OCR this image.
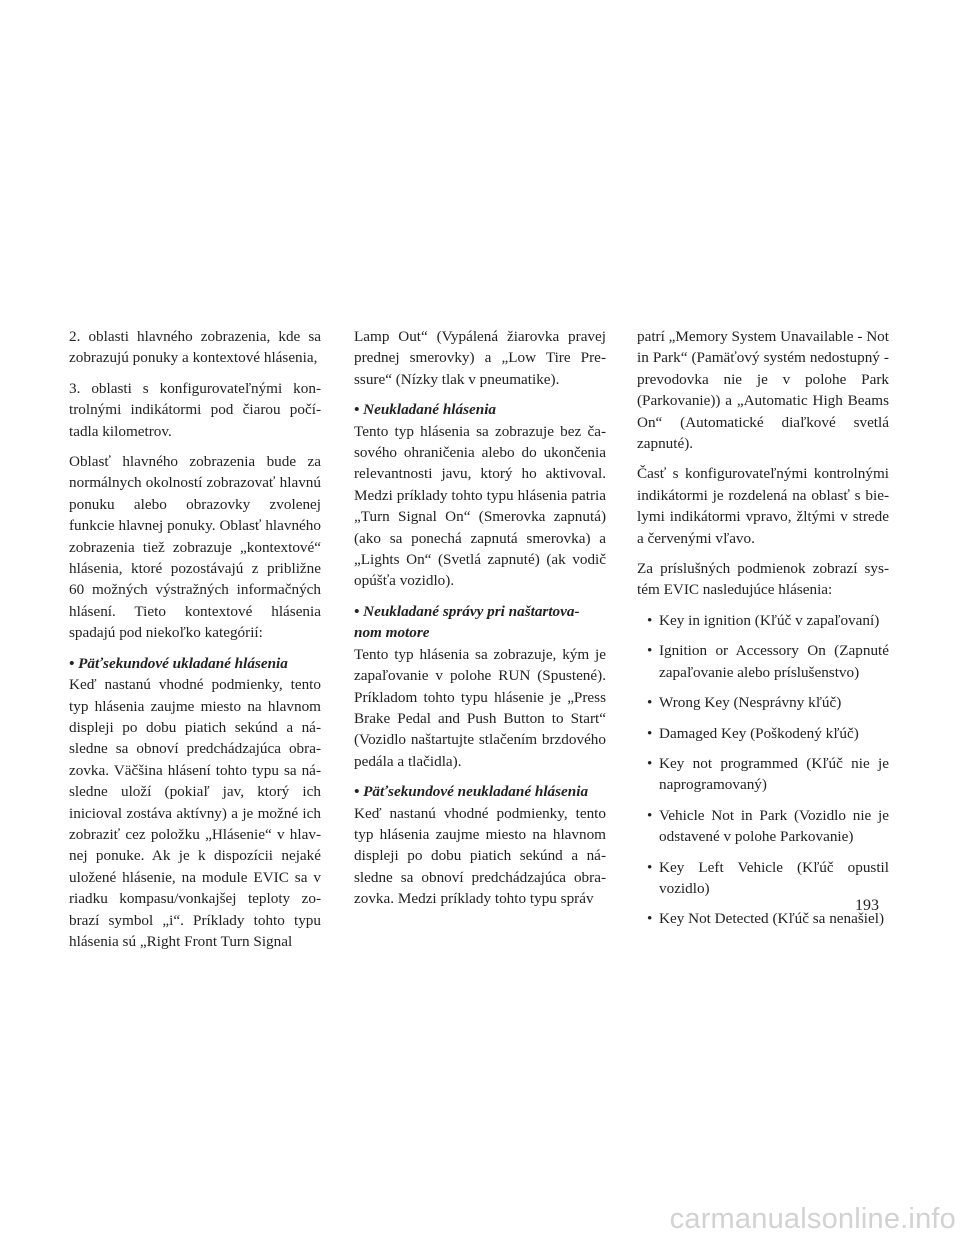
2. oblasti hlavného zobrazenia, kde sa zobrazujú ponuky a kontextové hlásenia,

3. oblasti s konfigurovateľnými kontrolnými indikátormi pod čiarou počítadla kilometrov.

Oblasť hlavného zobrazenia bude za normálnych okolností zobrazovať hlavnú ponuku alebo obrazovky zvolenej funkcie hlavnej ponuky. Oblasť hlavného zobrazenia tiež zobrazuje „kontextové“ hlásenia, ktoré pozostávajú z približne 60 možných výstražných informačných hlásení. Tieto kontextové hlásenia spadajú pod niekoľko kategórií:

• Päťsekundové ukladané hlásenia

Keď nastanú vhodné podmienky, tento typ hlásenia zaujme miesto na hlavnom displeji po dobu piatich sekúnd a následne sa obnoví predchádzajúca obrazovka. Väčšina hlásení tohto typu sa následne uloží (pokiaľ jav, ktorý ich inicioval zostáva aktívny) a je možné ich zobraziť cez položku „Hlásenie“ v hlavnej ponuke. Ak je k dispozícii nejaké uložené hlásenie, na module EVIC sa v riadku kompasu/vonkajšej teploty zobrazí symbol „i“. Príklady tohto typu hlásenia sú „Right Front Turn Signal

Lamp Out“ (Vypálená žiarovka pravej prednej smerovky) a „Low Tire Pressure“ (Nízky tlak v pneumatike).

• Neukladané hlásenia

Tento typ hlásenia sa zobrazuje bez časového ohraničenia alebo do ukončenia relevantnosti javu, ktorý ho aktivoval. Medzi príklady tohto typu hlásenia patria „Turn Signal On“ (Smerovka zapnutá) (ako sa ponechá zapnutá smerovka) a „Lights On“ (Svetlá zapnuté) (ak vodič opúšťa vozidlo).

• Neukladané správy pri naštartova-

nom motore

Tento typ hlásenia sa zobrazuje, kým je zapaľovanie v polohe RUN (Spustené). Príkladom tohto typu hlásenie je „Press Brake Pedal and Push Button to Start“ (Vozidlo naštartujte stlačením brzdového pedála a tlačidla).

• Päťsekundové neukladané hlásenia

Keď nastanú vhodné podmienky, tento typ hlásenia zaujme miesto na hlavnom displeji po dobu piatich sekúnd a následne sa obnoví predchádzajúca obrazovka. Medzi príklady tohto typu správ

patrí „Memory System Unavailable - Not in Park“ (Pamäťový systém nedostupný - prevodovka nie je v polohe Park (Parkovanie)) a „Automatic High Beams On“ (Automatické diaľkové svetlá zapnuté).

Časť s konfigurovateľnými kontrolnými indikátormi je rozdelená na oblasť s bielymi indikátormi vpravo, žltými v strede a červenými vľavo.

Za príslušných podmienok zobrazí systém EVIC nasledujúce hlásenia:

• Key in ignition (Kľúč v zapaľovaní)
• Ignition or Accessory On (Zapnuté zapaľovanie alebo príslušenstvo)
• Wrong Key (Nesprávny kľúč)
• Damaged Key (Poškodený kľúč)
• Key not programmed (Kľúč nie je naprogramovaný)
• Vehicle Not in Park (Vozidlo nie je odstavené v polohe Parkovanie)
• Key Left Vehicle (Kľúč opustil vozidlo)
• Key Not Detected (Kľúč sa nenašiel)
193
carmanualsonline.info
